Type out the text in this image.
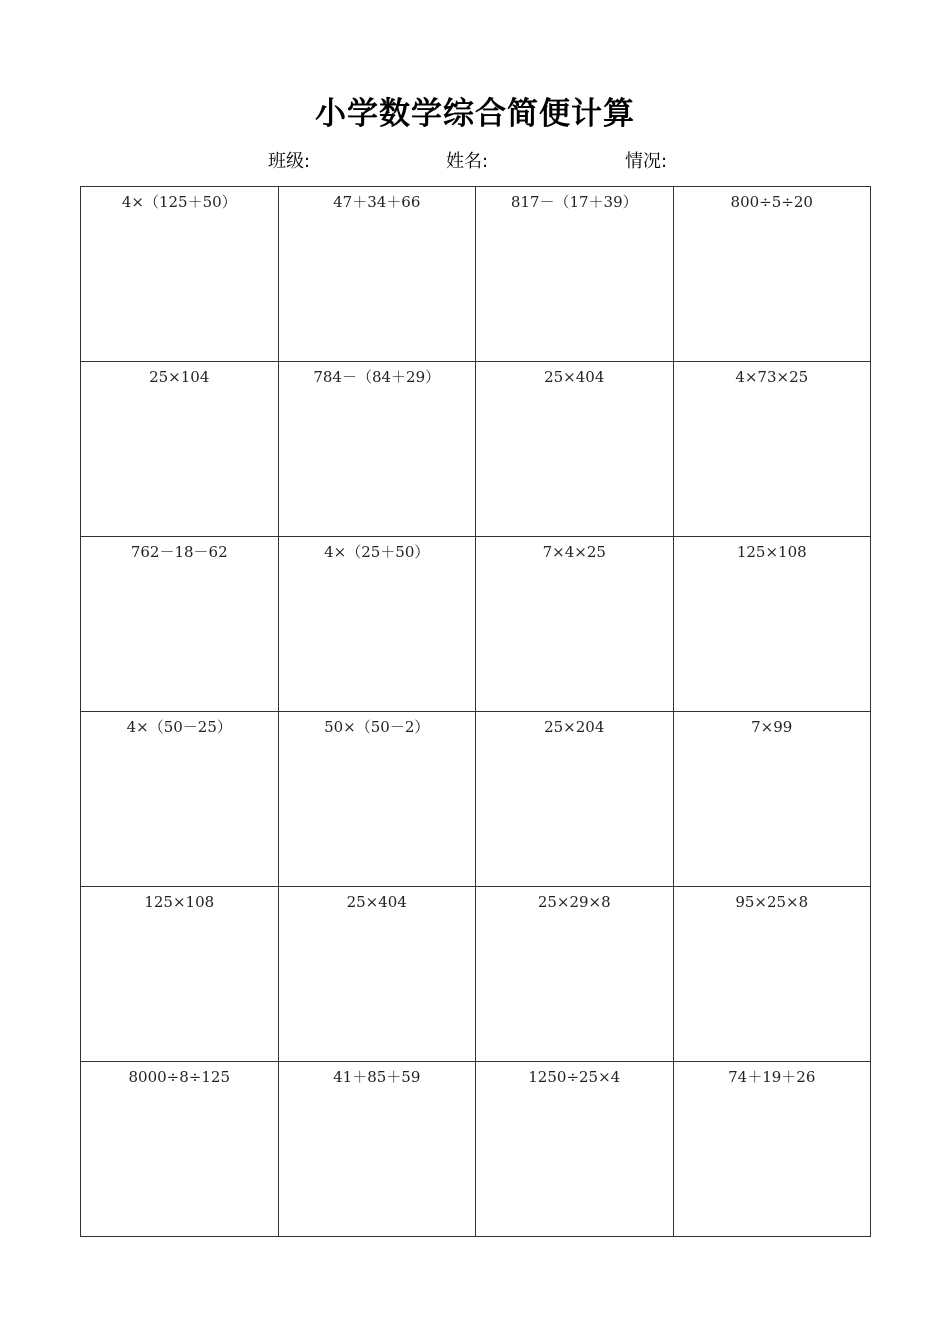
小学数学综合简便计算
班级:	姓名:	情况:
4×（125＋50）	47＋34＋66	817－（17＋39）	800÷5÷20
25×104	784－（84＋29）	25×404	4×73×25
762－18－62	4×（25＋50）	7×4×25	125×108
4×（50－25）	50×（50－2）	25×204	7×99
125×108	25×404	25×29×8	95×25×8
8000÷8÷125	41＋85＋59	1250÷25×4	74＋19＋26
